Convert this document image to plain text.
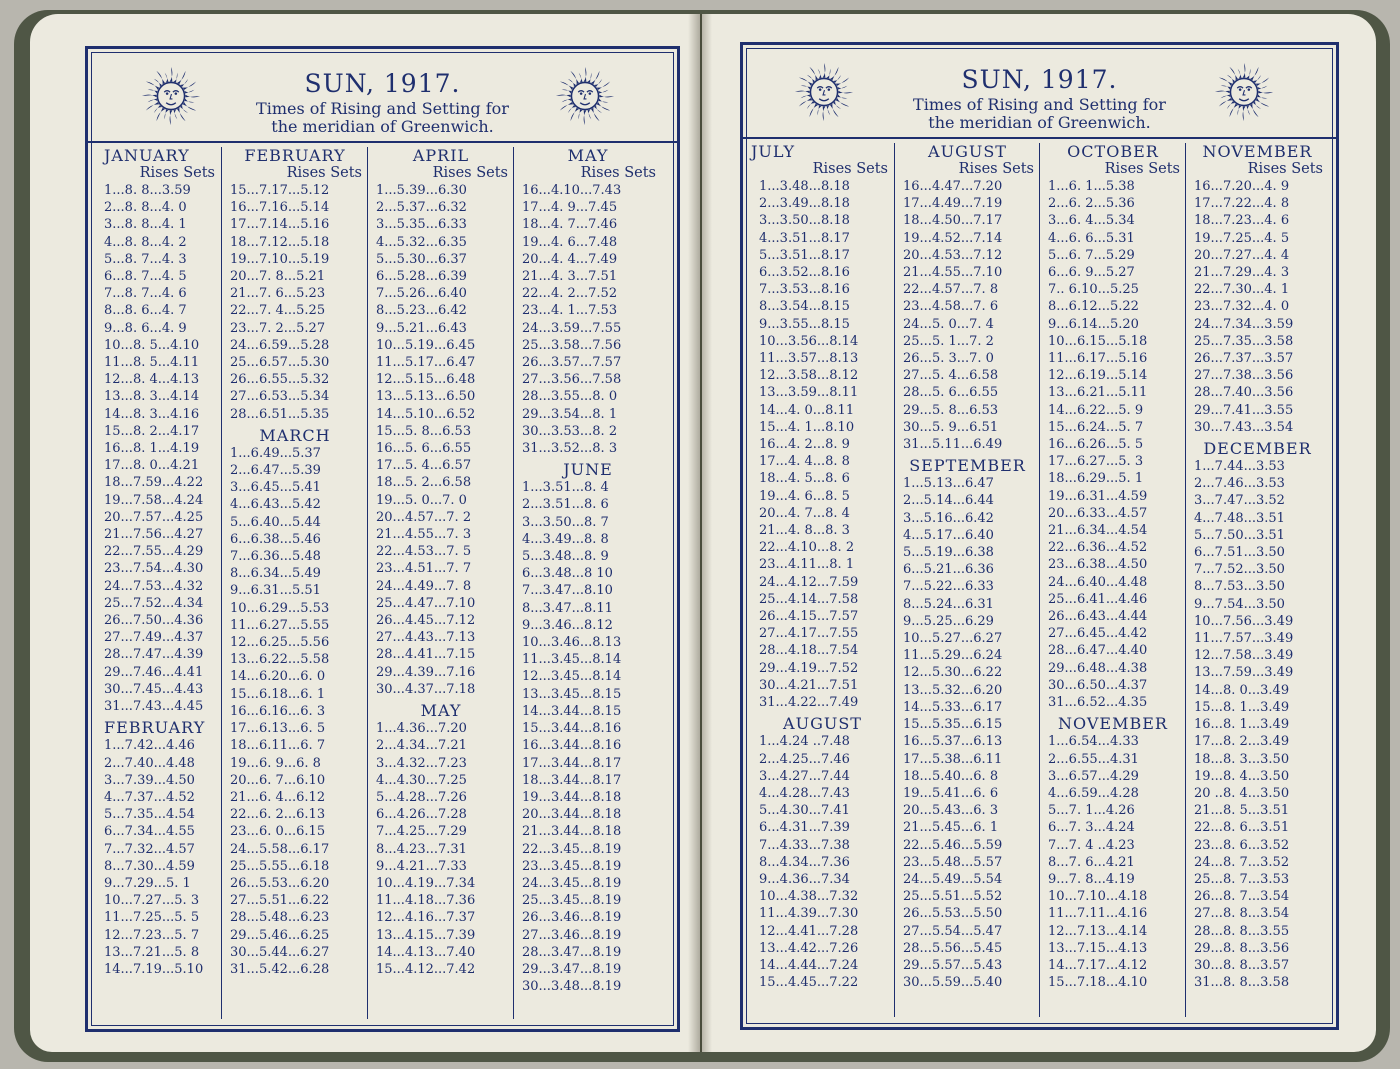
SUN, 1917.
Times of Rising and Setting for
the meridian of Greenwich.
JANUARY
Rises Sets
1...8. 8...3.59
2...8. 8...4. 0
3...8. 8...4. 1
4...8. 8...4. 2
5...8. 7...4. 3
6...8. 7...4. 5
7...8. 7...4. 6
8...8. 6...4. 7
9...8. 6...4. 9
10...8. 5...4.10
11...8. 5...4.11
12...8. 4...4.13
13...8. 3...4.14
14...8. 3...4.16
15...8. 2...4.17
16...8. 1...4.19
17...8. 0...4.21
18...7.59...4.22
19...7.58...4.24
20...7.57...4.25
21...7.56...4.27
22...7.55...4.29
23...7.54...4.30
24...7.53...4.32
25...7.52...4.34
26...7.50...4.36
27...7.49...4.37
28...7.47...4.39
29...7.46...4.41
30...7.45...4.43
31...7.43...4.45
FEBRUARY
1...7.42...4.46
2...7.40...4.48
3...7.39...4.50
4...7.37...4.52
5...7.35...4.54
6...7.34...4.55
7...7.32...4.57
8...7.30...4.59
9...7.29...5. 1
10...7.27...5. 3
11...7.25...5. 5
12...7.23...5. 7
13...7.21...5. 8
14...7.19...5.10
FEBRUARY
Rises Sets
15...7.17...5.12
16...7.16...5.14
17...7.14...5.16
18...7.12...5.18
19...7.10...5.19
20...7. 8...5.21
21...7. 6...5.23
22...7. 4...5.25
23...7. 2...5.27
24...6.59...5.28
25...6.57...5.30
26...6.55...5.32
27...6.53...5.34
28...6.51...5.35
MARCH
1...6.49...5.37
2...6.47...5.39
3...6.45...5.41
4...6.43...5.42
5...6.40...5.44
6...6.38...5.46
7...6.36...5.48
8...6.34...5.49
9...6.31...5.51
10...6.29...5.53
11...6.27...5.55
12...6.25...5.56
13...6.22...5.58
14...6.20...6. 0
15...6.18...6. 1
16...6.16...6. 3
17...6.13...6. 5
18...6.11...6. 7
19...6. 9...6. 8
20...6. 7...6.10
21...6. 4...6.12
22...6. 2...6.13
23...6. 0...6.15
24...5.58...6.17
25...5.55...6.18
26...5.53...6.20
27...5.51...6.22
28...5.48...6.23
29...5.46...6.25
30...5.44...6.27
31...5.42...6.28
APRIL
Rises Sets
1...5.39...6.30
2...5.37...6.32
3...5.35...6.33
4...5.32...6.35
5...5.30...6.37
6...5.28...6.39
7...5.26...6.40
8...5.23...6.42
9...5.21...6.43
10...5.19...6.45
11...5.17...6.47
12...5.15...6.48
13...5.13...6.50
14...5.10...6.52
15...5. 8...6.53
16...5. 6...6.55
17...5. 4...6.57
18...5. 2...6.58
19...5. 0...7. 0
20...4.57...7. 2
21...4.55...7. 3
22...4.53...7. 5
23...4.51...7. 7
24...4.49...7. 8
25...4.47...7.10
26...4.45...7.12
27...4.43...7.13
28...4.41...7.15
29...4.39...7.16
30...4.37...7.18
MAY
1...4.36...7.20
2...4.34...7.21
3...4.32...7.23
4...4.30...7.25
5...4.28...7.26
6...4.26...7.28
7...4.25...7.29
8...4.23...7.31
9...4.21...7.33
10...4.19...7.34
11...4.18...7.36
12...4.16...7.37
13...4.15...7.39
14...4.13...7.40
15...4.12...7.42
MAY
Rises Sets
16...4.10...7.43
17...4. 9...7.45
18...4. 7...7.46
19...4. 6...7.48
20...4. 4...7.49
21...4. 3...7.51
22...4. 2...7.52
23...4. 1...7.53
24...3.59...7.55
25...3.58...7.56
26...3.57...7.57
27...3.56...7.58
28...3.55...8. 0
29...3.54...8. 1
30...3.53...8. 2
31...3.52...8. 3
JUNE
1...3.51...8. 4
2...3.51...8. 6
3...3.50...8. 7
4...3.49...8. 8
5...3.48...8. 9
6...3.48...8 10
7...3.47...8.10
8...3.47...8.11
9...3.46...8.12
10...3.46...8.13
11...3.45...8.14
12...3.45...8.14
13...3.45...8.15
14...3.44...8.15
15...3.44...8.16
16...3.44...8.16
17...3.44...8.17
18...3.44...8.17
19...3.44...8.18
20...3.44...8.18
21...3.44...8.18
22...3.45...8.19
23...3.45...8.19
24...3.45...8.19
25...3.45...8.19
26...3.46...8.19
27...3.46...8.19
28...3.47...8.19
29...3.47...8.19
30...3.48...8.19
SUN, 1917.
Times of Rising and Setting for
the meridian of Greenwich.
JULY
Rises Sets
1...3.48...8.18
2...3.49...8.18
3...3.50...8.18
4...3.51...8.17
5...3.51...8.17
6...3.52...8.16
7...3.53...8.16
8...3.54...8.15
9...3.55...8.15
10...3.56...8.14
11...3.57...8.13
12...3.58...8.12
13...3.59...8.11
14...4. 0...8.11
15...4. 1...8.10
16...4. 2...8. 9
17...4. 4...8. 8
18...4. 5...8. 6
19...4. 6...8. 5
20...4. 7...8. 4
21...4. 8...8. 3
22...4.10...8. 2
23...4.11...8. 1
24...4.12...7.59
25...4.14...7.58
26...4.15...7.57
27...4.17...7.55
28...4.18...7.54
29...4.19...7.52
30...4.21...7.51
31...4.22...7.49
AUGUST
1...4.24 ..7.48
2...4.25...7.46
3...4.27...7.44
4...4.28...7.43
5...4.30...7.41
6...4.31...7.39
7...4.33...7.38
8...4.34...7.36
9...4.36...7.34
10...4.38...7.32
11...4.39...7.30
12...4.41...7.28
13...4.42...7.26
14...4.44...7.24
15...4.45...7.22
AUGUST
Rises Sets
16...4.47...7.20
17...4.49...7.19
18...4.50...7.17
19...4.52...7.14
20...4.53...7.12
21...4.55...7.10
22...4.57...7. 8
23...4.58...7. 6
24...5. 0...7. 4
25...5. 1...7. 2
26...5. 3...7. 0
27...5. 4...6.58
28...5. 6...6.55
29...5. 8...6.53
30...5. 9...6.51
31...5.11...6.49
SEPTEMBER
1...5.13...6.47
2...5.14...6.44
3...5.16...6.42
4...5.17...6.40
5...5.19...6.38
6...5.21...6.36
7...5.22...6.33
8...5.24...6.31
9...5.25...6.29
10...5.27...6.27
11...5.29...6.24
12...5.30...6.22
13...5.32...6.20
14...5.33...6.17
15...5.35...6.15
16...5.37...6.13
17...5.38...6.11
18...5.40...6. 8
19...5.41...6. 6
20...5.43...6. 3
21...5.45...6. 1
22...5.46...5.59
23...5.48...5.57
24...5.49...5.54
25...5.51...5.52
26...5.53...5.50
27...5.54...5.47
28...5.56...5.45
29...5.57...5.43
30...5.59...5.40
OCTOBER
Rises Sets
1...6. 1...5.38
2...6. 2...5.36
3...6. 4...5.34
4...6. 6...5.31
5...6. 7...5.29
6...6. 9...5.27
7.. 6.10...5.25
8...6.12...5.22
9...6.14...5.20
10...6.15...5.18
11...6.17...5.16
12...6.19...5.14
13...6.21...5.11
14...6.22...5. 9
15...6.24...5. 7
16...6.26...5. 5
17...6.27...5. 3
18...6.29...5. 1
19...6.31...4.59
20...6.33...4.57
21...6.34...4.54
22...6.36...4.52
23...6.38...4.50
24...6.40...4.48
25...6.41...4.46
26...6.43...4.44
27...6.45...4.42
28...6.47...4.40
29...6.48...4.38
30...6.50...4.37
31...6.52...4.35
NOVEMBER
1...6.54...4.33
2...6.55...4.31
3...6.57...4.29
4...6.59...4.28
5...7. 1...4.26
6...7. 3...4.24
7...7. 4 ..4.23
8...7. 6...4.21
9...7. 8...4.19
10...7.10...4.18
11...7.11...4.16
12...7.13...4.14
13...7.15...4.13
14...7.17...4.12
15...7.18...4.10
NOVEMBER
Rises Sets
16...7.20...4. 9
17...7.22...4. 8
18...7.23...4. 6
19...7.25...4. 5
20...7.27...4. 4
21...7.29...4. 3
22...7.30...4. 1
23...7.32...4. 0
24...7.34...3.59
25...7.35...3.58
26...7.37...3.57
27...7.38...3.56
28...7.40...3.56
29...7.41...3.55
30...7.43...3.54
DECEMBER
1...7.44...3.53
2...7.46...3.53
3...7.47...3.52
4...7.48...3.51
5...7.50...3.51
6...7.51...3.50
7...7.52...3.50
8...7.53...3.50
9...7.54...3.50
10...7.56...3.49
11...7.57...3.49
12...7.58...3.49
13...7.59...3.49
14...8. 0...3.49
15...8. 1...3.49
16...8. 1...3.49
17...8. 2...3.49
18...8. 3...3.50
19...8. 4...3.50
20 ..8. 4...3.50
21...8. 5...3.51
22...8. 6...3.51
23...8. 6...3.52
24...8. 7...3.52
25...8. 7...3.53
26...8. 7...3.54
27...8. 8...3.54
28...8. 8...3.55
29...8. 8...3.56
30...8. 8...3.57
31...8. 8...3.58
